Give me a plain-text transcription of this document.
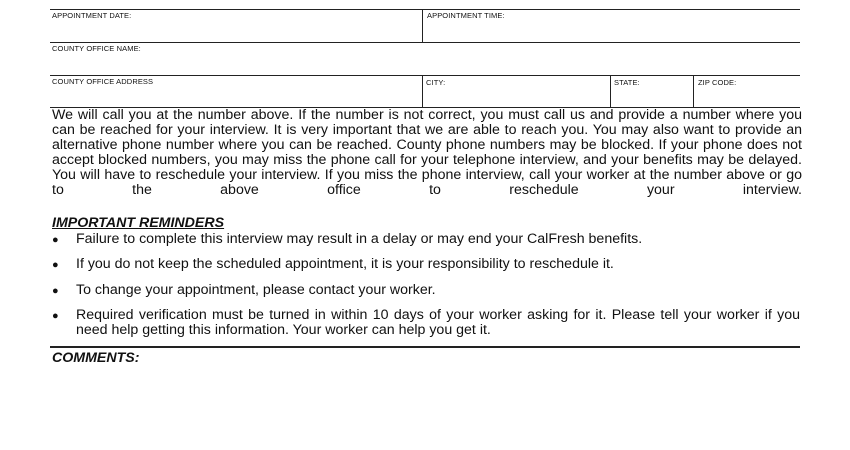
APPOINTMENT DATE:	APPOINTMENT TIME:
COUNTY OFFICE NAME:
COUNTY OFFICE ADDRESS	CITY:	STATE:	ZIP CODE:

We will call you at the number above. If the number is not correct, you must call us and provide a number where you can be reached for your interview. It is very important that we are able to reach you. You may also want to provide an alternative phone number where you can be reached. County phone numbers may be blocked. If your phone does not accept blocked numbers, you may miss the phone call for your telephone interview, and your benefits may be delayed. You will have to reschedule your interview. If you miss the phone interview, call your worker at the number above or go to the above office to reschedule your interview.

IMPORTANT REMINDERS
● Failure to complete this interview may result in a delay or may end your CalFresh benefits.

● If you do not keep the scheduled appointment, it is your responsibility to reschedule it.

● To change your appointment, please contact your worker.

● Required verification must be turned in within 10 days of your worker asking for it. Please tell your worker if you need help getting this information. Your worker can help you get it.

COMMENTS:
